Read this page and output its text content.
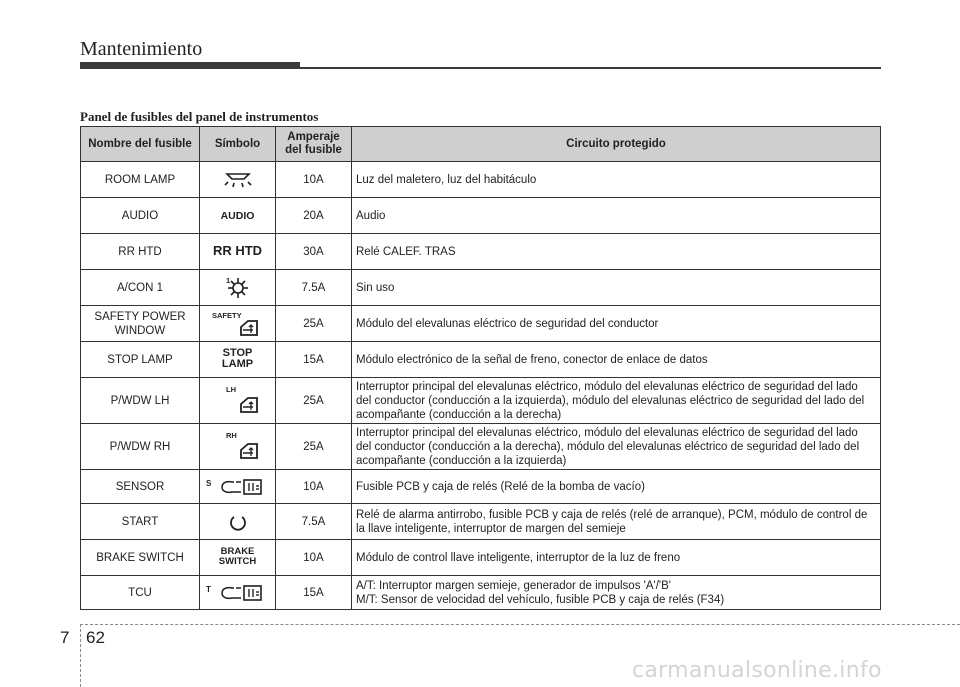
Mantenimiento
Panel de fusibles del panel de instrumentos
Nombre del fusible	Símbolo	Amperaje del fusible	Circuito protegido
ROOM LAMP		10A	Luz del maletero, luz del habitáculo
AUDIO	AUDIO	20A	Audio
RR HTD	RR HTD	30A	Relé CALEF. TRAS
A/CON 1	1	7.5A	Sin uso
SAFETY POWER WINDOW	SAFETY	25A	Módulo del elevalunas eléctrico de seguridad del conductor
STOP LAMP	STOP LAMP	15A	Módulo electrónico de la señal de freno, conector de enlace de datos
P/WDW LH	LH	25A	Interruptor principal del elevalunas eléctrico, módulo del elevalunas eléctrico de seguridad del lado del conductor (conducción a la izquierda), módulo del elevalunas eléctrico de seguridad del lado del acompañante (conducción a la derecha)
P/WDW RH	RH	25A	Interruptor principal del elevalunas eléctrico, módulo del elevalunas eléctrico de seguridad del lado del conductor (conducción a la derecha), módulo del elevalunas eléctrico de seguridad del lado del acompañante (conducción a la izquierda)
SENSOR	S	10A	Fusible PCB y caja de relés (Relé de la bomba de vacío)
START		7.5A	Relé de alarma antirrobo, fusible PCB y caja de relés (relé de arranque), PCM, módulo de control de la llave inteligente, interruptor de margen del semieje
BRAKE SWITCH	BRAKE SWITCH	10A	Módulo de control llave inteligente, interruptor de la luz de freno
TCU	T	15A	A/T: Interruptor margen semieje, generador de impulsos 'A'/'B'
M/T: Sensor de velocidad del vehículo, fusible PCB y caja de relés (F34)
7 62
carmanualsonline.info
